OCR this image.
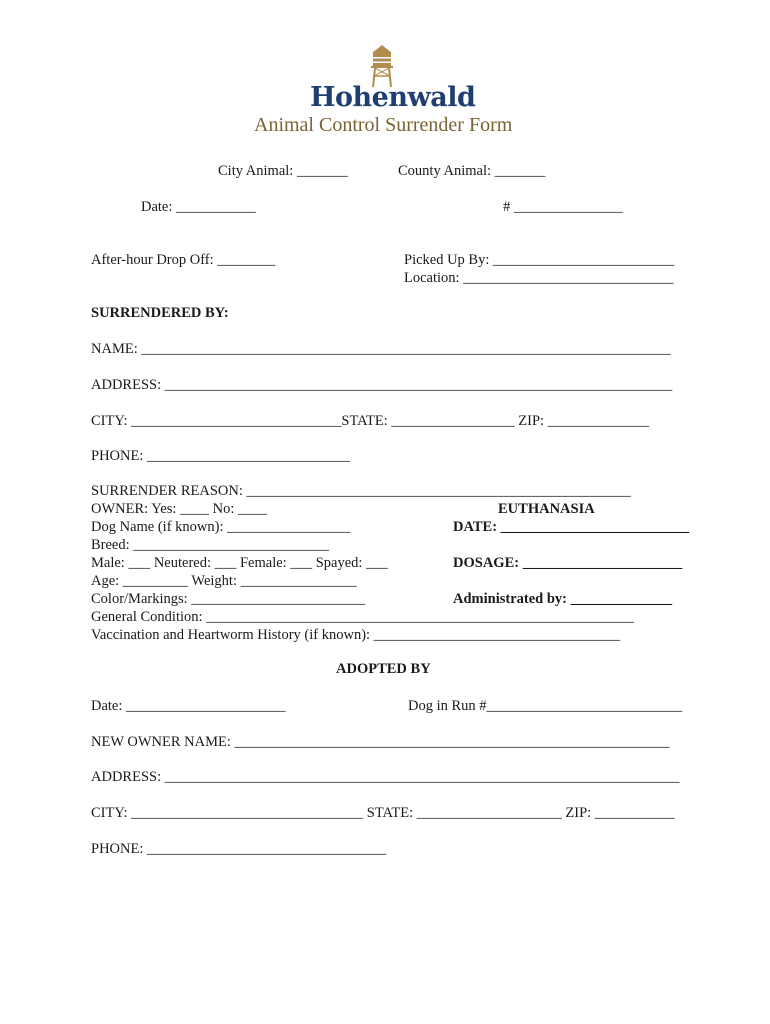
Hohenwald
Animal Control Surrender Form
City Animal: _______	County Animal: _______
Date: ___________	# _______________
After-hour Drop Off: ________	Picked Up By: _________________________
Location: _____________________________
SURRENDERED BY:
NAME: _________________________________________________________________________
ADDRESS: ______________________________________________________________________
CITY: _____________________________STATE: _________________ ZIP: ______________
PHONE: ____________________________
SURRENDER REASON: _____________________________________________________
OWNER: Yes: ____ No: ____
Dog Name (if known): _________________
Breed: ___________________________
Male: ___ Neutered: ___ Female: ___ Spayed: ___
Age: _________ Weight: ________________
Color/Markings: ________________________
General Condition: ___________________________________________________________
Vaccination and Heartworm History (if known): __________________________________
EUTHANASIA
DATE: __________________________
DOSAGE: ______________________
Administrated by: ______________
ADOPTED BY
Date: ______________________	Dog in Run #___________________________
NEW OWNER NAME: ____________________________________________________________
ADDRESS: _______________________________________________________________________
CITY: ________________________________ STATE: ____________________ ZIP: ___________
PHONE: _________________________________
